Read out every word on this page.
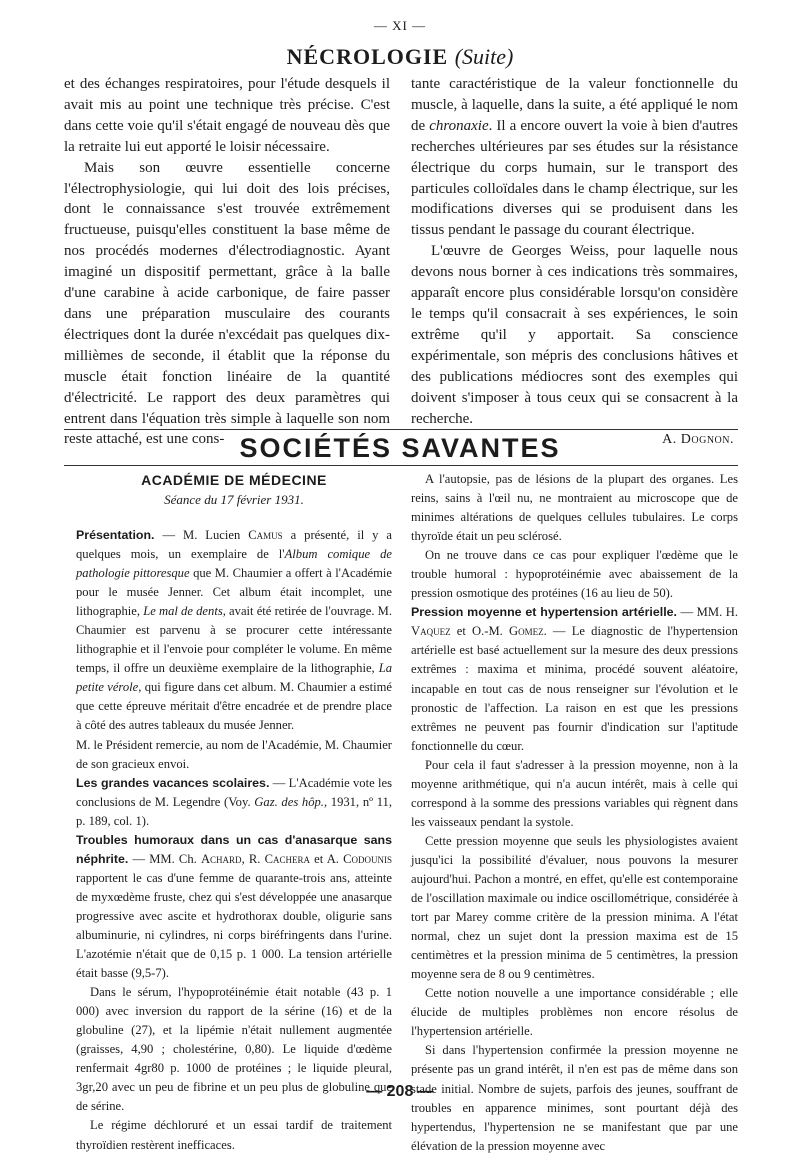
— XI —
NÉCROLOGIE (Suite)

et des échanges respiratoires, pour l'étude desquels il avait mis au point une technique très précise. C'est dans cette voie qu'il s'était engagé de nouveau dès que la retraite lui eut apporté le loisir nécessaire.

Mais son œuvre essentielle concerne l'électrophysiologie, qui lui doit des lois précises, dont le connaissance s'est trouvée extrêmement fructueuse, puisqu'elles constituent la base même de nos procédés modernes d'électrodiagnostic. Ayant imaginé un dispositif permettant, grâce à la balle d'une carabine à acide carbonique, de faire passer dans une préparation musculaire des courants électriques dont la durée n'excédait pas quelques dix-millièmes de seconde, il établit que la réponse du muscle était fonction linéaire de la quantité d'électricité. Le rapport des deux paramètres qui entrent dans l'équation très simple à laquelle son nom reste attaché, est une cons-

tante caractéristique de la valeur fonctionnelle du muscle, à laquelle, dans la suite, a été appliqué le nom de chronaxie. Il a encore ouvert la voie à bien d'autres recherches ultérieures par ses études sur la résistance électrique du corps humain, sur le transport des particules colloïdales dans le champ électrique, sur les modifications diverses qui se produisent dans les tissus pendant le passage du courant électrique.

L'œuvre de Georges Weiss, pour laquelle nous devons nous borner à ces indications très sommaires, apparaît encore plus considérable lorsqu'on considère le temps qu'il consacrait à ses expériences, le soin extrême qu'il y apportait. Sa conscience expérimentale, son mépris des conclusions hâtives et des publications médiocres sont des exemples qui doivent s'imposer à tous ceux qui se consacrent à la recherche.

A. Dognon.
SOCIÉTÉS SAVANTES
ACADÉMIE DE MÉDECINE
Séance du 17 février 1931.

Présentation. — M. Lucien Camus a présenté, il y a quelques mois, un exemplaire de l'Album comique de pathologie pittoresque que M. Chaumier a offert à l'Académie pour le musée Jenner. Cet album était incomplet, une lithographie, Le mal de dents, avait été retirée de l'ouvrage. M. Chaumier est parvenu à se procurer cette intéressante lithographie et il l'envoie pour compléter le volume. En même temps, il offre un deuxième exemplaire de la lithographie, La petite vérole, qui figure dans cet album. M. Chaumier a estimé que cette épreuve méritait d'être encadrée et de prendre place à côté des autres tableaux du musée Jenner.

M. le Président remercie, au nom de l'Académie, M. Chaumier de son gracieux envoi.

Les grandes vacances scolaires. — L'Académie vote les conclusions de M. Legendre (Voy. Gaz. des hôp., 1931, nº 11, p. 189, col. 1).

Troubles humoraux dans un cas d'anasarque sans néphrite. — MM. Ch. Achard, R. Cachera et A. Codounis rapportent le cas d'une femme de quarante-trois ans, atteinte de myxœdème fruste, chez qui s'est développée une anasarque progressive avec ascite et hydrothorax double, oligurie sans albuminurie, ni cylindres, ni corps biréfringents dans l'urine. L'azotémie n'était que de 0,15 p. 1 000. La tension artérielle était basse (9,5-7).

Dans le sérum, l'hypoprotéinémie était notable (43 p. 1 000) avec inversion du rapport de la sérine (16) et de la globuline (27), et la lipémie n'était nullement augmentée (graisses, 4,90 ; cholestérine, 0,80). Le liquide d'œdème renfermait 4gr80 p. 1000 de protéines ; le liquide pleural, 3gr,20 avec un peu de fibrine et un peu plus de globuline que de sérine.

Le régime déchloruré et un essai tardif de traitement thyroïdien restèrent inefficaces.

A l'autopsie, pas de lésions de la plupart des organes. Les reins, sains à l'œil nu, ne montraient au microscope que de minimes altérations de quelques cellules tubulaires. Le corps thyroïde était un peu sclérosé.

On ne trouve dans ce cas pour expliquer l'œdème que le trouble humoral : hypoprotéinémie avec abaissement de la pression osmotique des protéines (16 au lieu de 50).

Pression moyenne et hypertension artérielle. — MM. H. Vaquez et O.-M. Gomez. — Le diagnostic de l'hypertension artérielle est basé actuellement sur la mesure des deux pressions extrêmes : maxima et minima, procédé souvent aléatoire, incapable en tout cas de nous renseigner sur l'évolution et le pronostic de l'affection. La raison en est que les pressions extrêmes ne peuvent pas fournir d'indication sur l'aptitude fonctionnelle du cœur.

Pour cela il faut s'adresser à la pression moyenne, non à la moyenne arithmétique, qui n'a aucun intérêt, mais à celle qui correspond à la somme des pressions variables qui règnent dans les vaisseaux pendant la systole.

Cette pression moyenne que seuls les physiologistes avaient jusqu'ici la possibilité d'évaluer, nous pouvons la mesurer aujourd'hui. Pachon a montré, en effet, qu'elle est contemporaine de l'oscillation maximale ou indice oscillométrique, considérée à tort par Marey comme critère de la pression minima. A l'état normal, chez un sujet dont la pression maxima est de 15 centimètres et la pression minima de 5 centimètres, la pression moyenne sera de 8 ou 9 centimètres.

Cette notion nouvelle a une importance considérable ; elle élucide de multiples problèmes non encore résolus de l'hypertension artérielle.

Si dans l'hypertension confirmée la pression moyenne ne présente pas un grand intérêt, il n'en est pas de même dans son stade initial. Nombre de sujets, parfois des jeunes, souffrant de troubles en apparence minimes, sont pourtant déjà des hypertendus, l'hypertension ne se manifestant que par une élévation de la pression moyenne avec

— 208 —
